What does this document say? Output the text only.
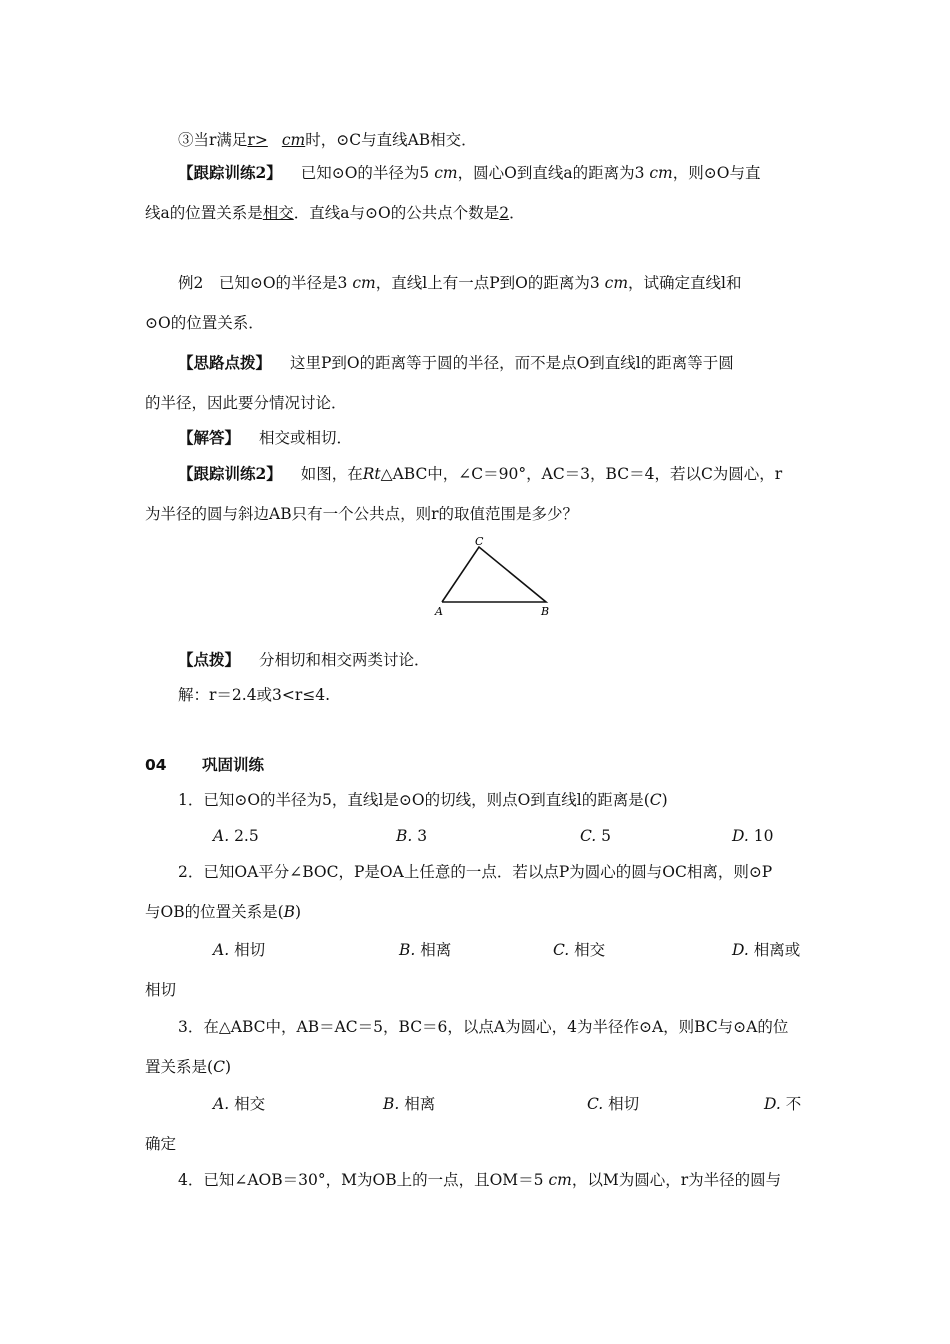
③当r满足r> cm时，⊙C与直线AB相交．
【跟踪训练2】 已知⊙O的半径为5 cm，圆心O到直线a的距离为3 cm，则⊙O与直
线a的位置关系是相交．直线a与⊙O的公共点个数是2．
例2　已知⊙O的半径是3 cm，直线l上有一点P到O的距离为3 cm，试确定直线l和
⊙O的位置关系．
【思路点拨】 这里P到O的距离等于圆的半径，而不是点O到直线l的距离等于圆
的半径，因此要分情况讨论．
【解答】 相交或相切．
【跟踪训练2】 如图，在Rt△ABC中，∠C＝90°，AC＝3，BC＝4，若以C为圆心，r
为半径的圆与斜边AB只有一个公共点，则r的取值范围是多少？
C
A	B
【点拨】 分相切和相交两类讨论．
解：r＝2.4或3<r≤4.
04 巩固训练
1．已知⊙O的半径为5，直线l是⊙O的切线，则点O到直线l的距离是(C)
A. 2.5	B. 3	C. 5	D. 10
2．已知OA平分∠BOC，P是OA上任意的一点．若以点P为圆心的圆与OC相离，则⊙P
与OB的位置关系是(B)
A. 相切	B. 相离	C. 相交	D. 相离或
相切
3．在△ABC中，AB＝AC＝5，BC＝6，以点A为圆心，4为半径作⊙A，则BC与⊙A的位
置关系是(C)
A. 相交	B. 相离	C. 相切	D. 不
确定
4．已知∠AOB＝30°，M为OB上的一点，且OM＝5 cm，以M为圆心，r为半径的圆与
